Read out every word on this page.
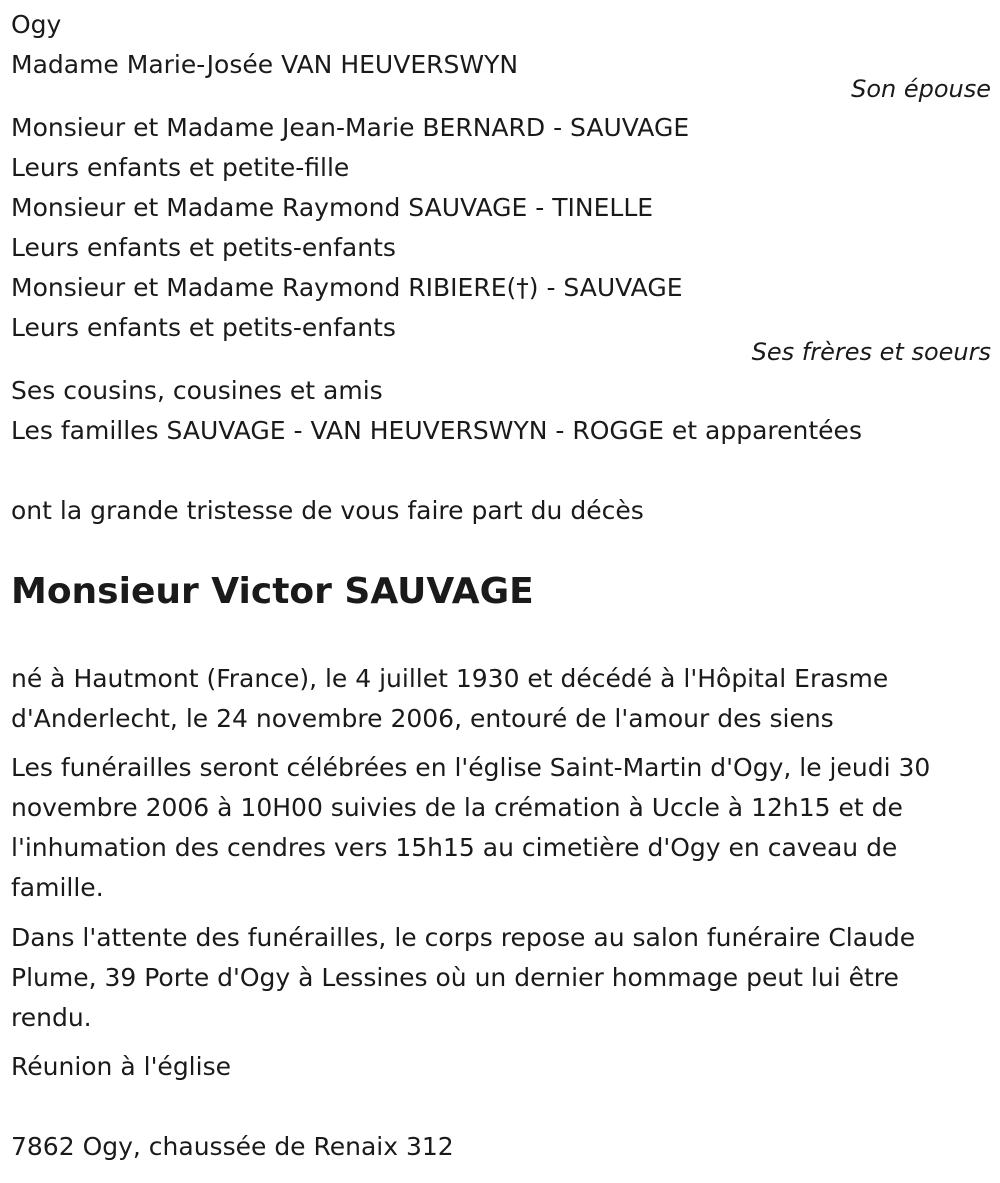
Ogy
Madame Marie-Josée VAN HEUVERSWYN
Son épouse
Monsieur et Madame Jean-Marie BERNARD - SAUVAGE
Leurs enfants et petite-fille
Monsieur et Madame Raymond SAUVAGE - TINELLE
Leurs enfants et petits-enfants
Monsieur et Madame Raymond RIBIERE(†) - SAUVAGE
Leurs enfants et petits-enfants
Ses frères et soeurs
Ses cousins, cousines et amis
Les familles SAUVAGE - VAN HEUVERSWYN - ROGGE et apparentées
ont la grande tristesse de vous faire part du décès
Monsieur Victor SAUVAGE
né à Hautmont (France), le 4 juillet 1930 et décédé à l'Hôpital Erasme d'Anderlecht, le 24 novembre 2006, entouré de l'amour des siens
Les funérailles seront célébrées en l'église Saint-Martin d'Ogy, le jeudi 30 novembre 2006 à 10H00 suivies de la crémation à Uccle à 12h15 et de l'inhumation des cendres vers 15h15 au cimetière d'Ogy en caveau de famille.
Dans l'attente des funérailles, le corps repose au salon funéraire Claude Plume, 39 Porte d'Ogy à Lessines où un dernier hommage peut lui être rendu.
Réunion à l'église
7862 Ogy, chaussée de Renaix 312
